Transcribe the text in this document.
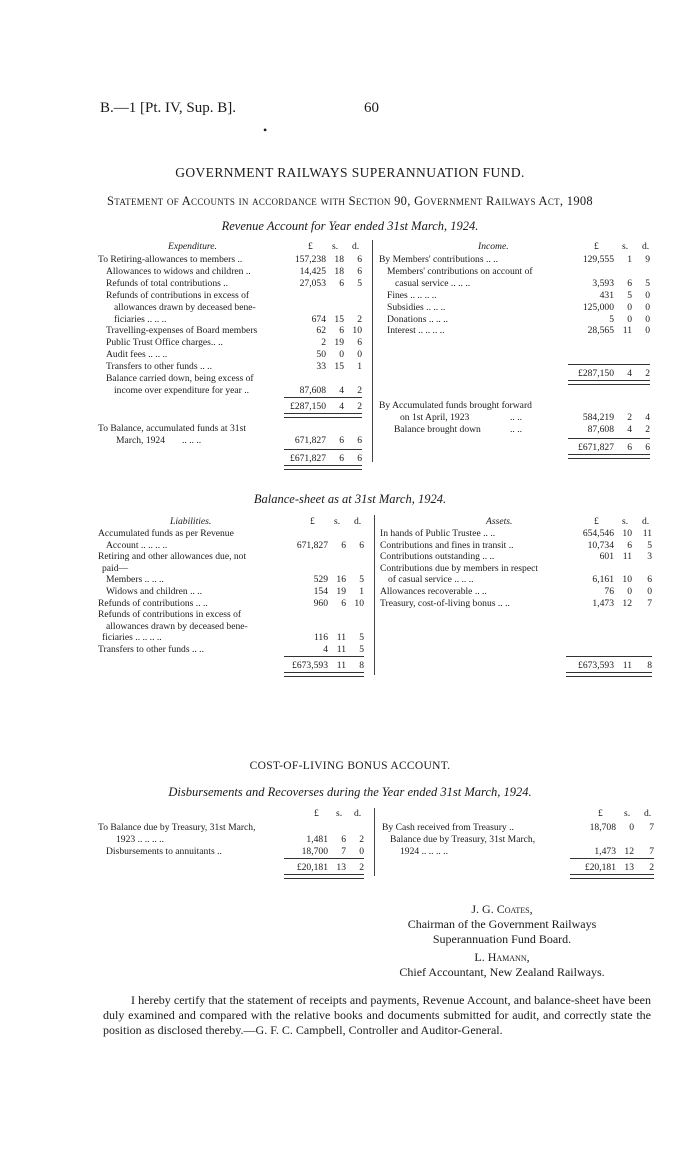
B.—1 [Pt. IV, Sup. B].	60
•
GOVERNMENT RAILWAYS SUPERANNUATION FUND.
Statement of Accounts in accordance with Section 90, Government Railways Act, 1908
Revenue Account for Year ended 31st March, 1924.
Expenditure.	£ s. d.	Income.	£ s. d.
To Retiring-allowances to members ..	157,238 18	6
Allowances to widows and children ..	14,425 18	6
Refunds of total contributions ..	27,053	6	5
Refunds of contributions in excess of
allowances drawn by deceased bene-
ficiaries .. .. ..	674 15	2
Travelling-expenses of Board members	62	6 10
Public Trust Office charges.. ..	2 19	6
Audit fees .. .. ..	50	0	0
Transfers to other funds .. ..	33 15	1
Balance carried down, being excess of
income over expenditure for year ..	87,608	4	2
By Members' contributions .. ..	129,555	1	9
Members' contributions on account of
casual service .. .. ..	3,593	6	5
Fines .. .. .. ..	431	5	0
Subsidies .. .. ..	125,000	0	0
Donations .. .. ..	5	0	0
Interest .. .. .. ..	28,565 11	0
£287,150	4	2
£287,150	4	2
To Balance, accumulated funds at 31st
March, 1924 .. .. ..	671,827	6	6
£671,827	6	6
By Accumulated funds brought forward
on 1st April, 1923	.. ..	584,219	2	4
Balance brought down	.. ..	87,608	4	2
£671,827	6	6
Balance-sheet as at 31st March, 1924.
Liabilities.	£ s. d.	Assets.	£ s. d.
Accumulated funds as per Revenue
Account .. .. .. ..	671,827	6	6
Retiring and other allowances due, not
paid—
Members .. .. ..	529 16	5
Widows and children .. ..	154 19	1
Refunds of contributions .. ..	960	6 10
Refunds of contributions in excess of
allowances drawn by deceased bene-
ficiaries .. .. .. ..	116 11	5
Transfers to other funds .. ..	4 11	5
In hands of Public Trustee .. ..	654,546 10	11
Contributions and fines in transit ..	10,734	6	5
Contributions outstanding .. ..	601 11	3
Contributions due by members in respect
of casual service .. .. ..	6,161 10	6
Allowances recoverable .. ..	76	0	0
Treasury, cost-of-living bonus .. ..	1,473 12	7
£673,593 11	8	£673,593 11	8
COST-OF-LIVING BONUS ACCOUNT.
Disbursements and Recoverses during the Year ended 31st March, 1924.
£ s. d.	£ s. d.
To Balance due by Treasury, 31st March,
1923 .. .. .. ..	1,481	6	2
Disbursements to annuitants ..	18,700	7	0
By Cash received from Treasury ..	18,708	0	7
Balance due by Treasury, 31st March,
1924 .. .. .. ..	1,473 12	7
£20,181 13	2	£20,181 13	2
J. G. Coates,
Chairman of the Government Railways
Superannuation Fund Board.
L. Hamann,
Chief Accountant, New Zealand Railways.
I hereby certify that the statement of receipts and payments, Revenue Account, and balance-sheet have been duly examined and compared with the relative books and documents submitted for audit, and correctly state the position as disclosed thereby.—G. F. C. Campbell, Controller and Auditor-General.
